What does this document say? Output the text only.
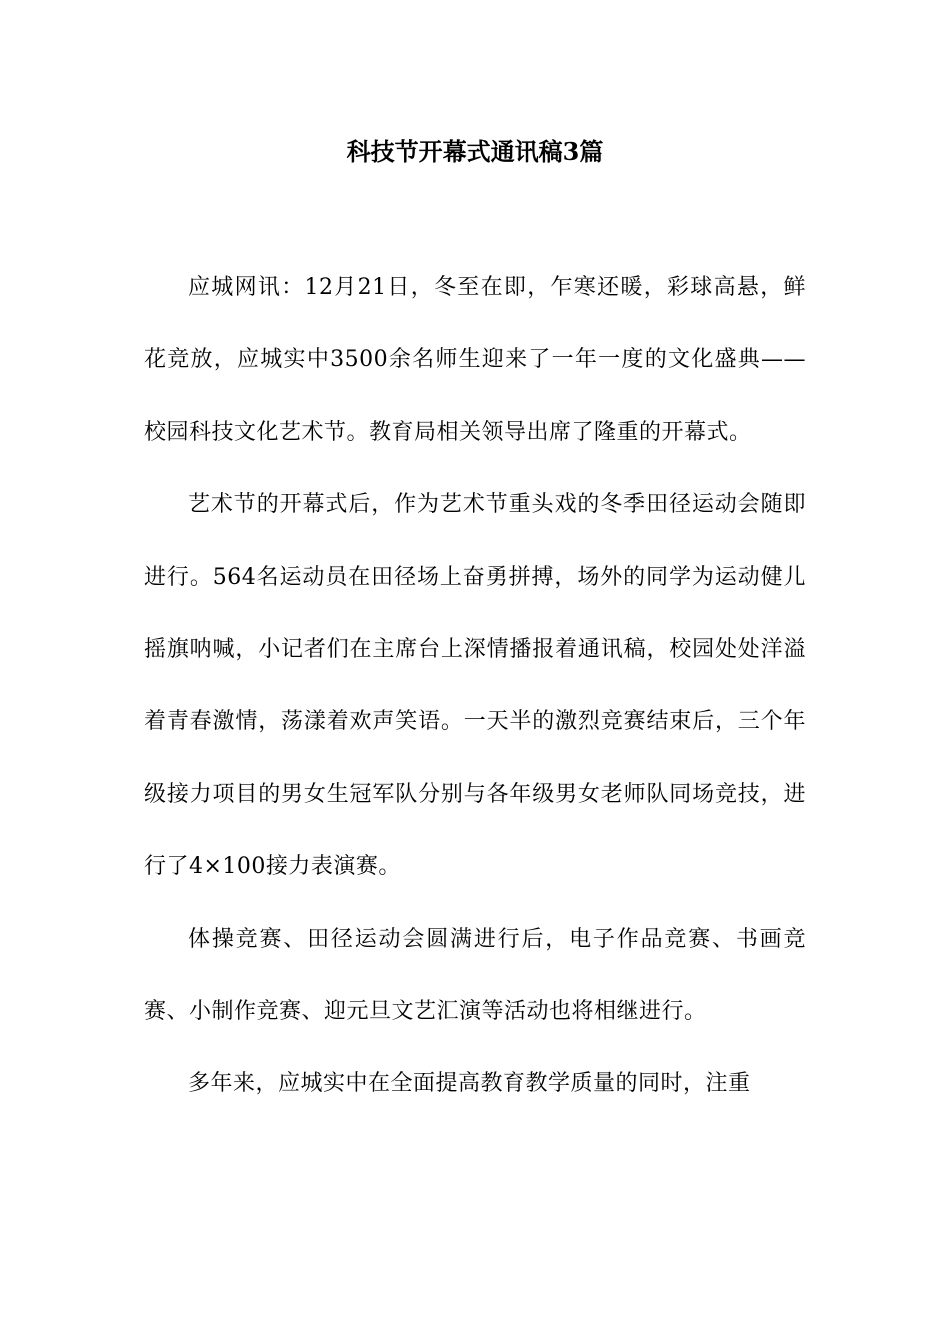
科技节开幕式通讯稿3篇

应城网讯：12月21日，冬至在即，乍寒还暖，彩球高悬，鲜花竞放，应城实中3500余名师生迎来了一年一度的文化盛典——校园科技文化艺术节。教育局相关领导出席了隆重的开幕式。

艺术节的开幕式后，作为艺术节重头戏的冬季田径运动会随即进行。564名运动员在田径场上奋勇拼搏，场外的同学为运动健儿摇旗呐喊，小记者们在主席台上深情播报着通讯稿，校园处处洋溢着青春激情，荡漾着欢声笑语。一天半的激烈竞赛结束后，三个年级接力项目的男女生冠军队分别与各年级男女老师队同场竞技，进行了4×100接力表演赛。

体操竞赛、田径运动会圆满进行后，电子作品竞赛、书画竞赛、小制作竞赛、迎元旦文艺汇演等活动也将相继进行。

多年来，应城实中在全面提高教育教学质量的同时，注重
